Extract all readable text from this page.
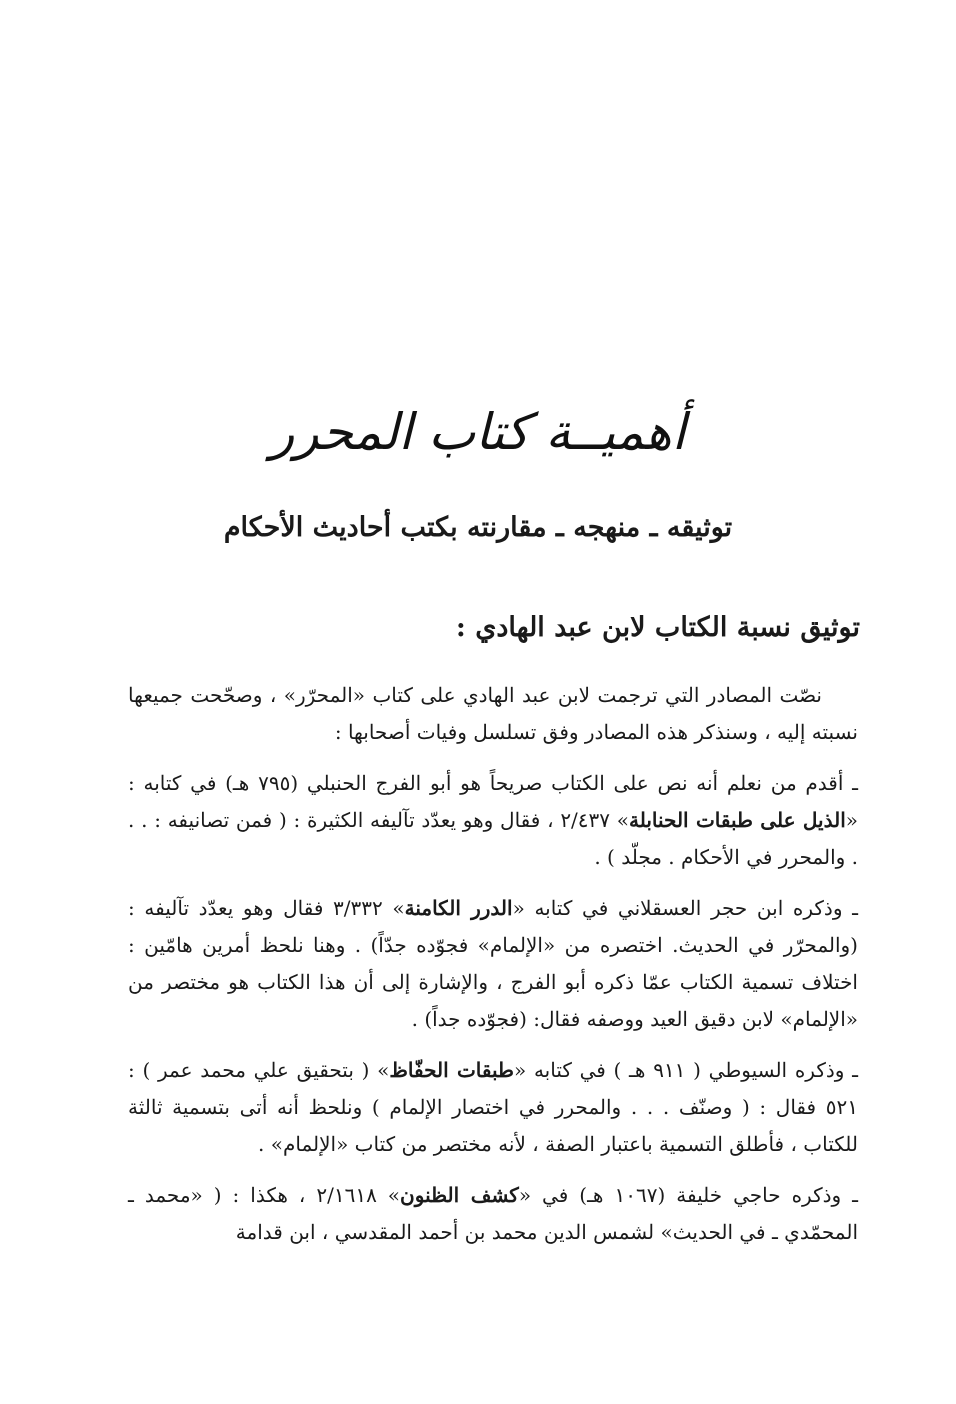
أهميــة كتاب المحرر
توثيقه ـ منهجه ـ مقارنته بكتب أحاديث الأحكام
توثيق نسبة الكتاب لابن عبد الهادي :

نصّت المصادر التي ترجمت لابن عبد الهادي على كتاب «المحرّر» ، وصحّحت جميعها نسبته إليه ، وسنذكر هذه المصادر وفق تسلسل وفيات أصحابها :

ـ أقدم من نعلم أنه نص على الكتاب صريحاً هو أبو الفرج الحنبلي (٧٩٥ هـ) في كتابه : «الذيل على طبقات الحنابلة» ٢/٤٣٧ ، فقال وهو يعدّد تآليفه الكثيرة : ( فمن تصانيفه : . . . والمحرر في الأحكام . مجلّد ) .

ـ وذكره ابن حجر العسقلاني في كتابه «الدرر الكامنة» ٣/٣٣٢ فقال وهو يعدّد تآليفه : (والمحرّر في الحديث. اختصره من «الإلمام» فجوّده جدّاً) . وهنا نلحظ أمرين هامّين : اختلاف تسمية الكتاب عمّا ذكره أبو الفرج ، والإشارة إلى أن هذا الكتاب هو مختصر من «الإلمام» لابن دقيق العيد ووصفه فقال: (فجوّده جداً) .

ـ وذكره السيوطي ( ٩١١ هـ ) في كتابه «طبقات الحفّاظ» ( بتحقيق علي محمد عمر ) : ٥٢١ فقال : ( وصنّف . . . والمحرر في اختصار الإلمام ) ونلحظ أنه أتى بتسمية ثالثة للكتاب ، فأطلق التسمية باعتبار الصفة ، لأنه مختصر من كتاب «الإلمام» .

ـ وذكره حاجي خليفة (١٠٦٧ هـ) في «كشف الظنون» ٢/١٦١٨ ، هكذا : ( «محمد ـ المحمّدي ـ في الحديث» لشمس الدين محمد بن أحمد المقدسي ، ابن قدامة
